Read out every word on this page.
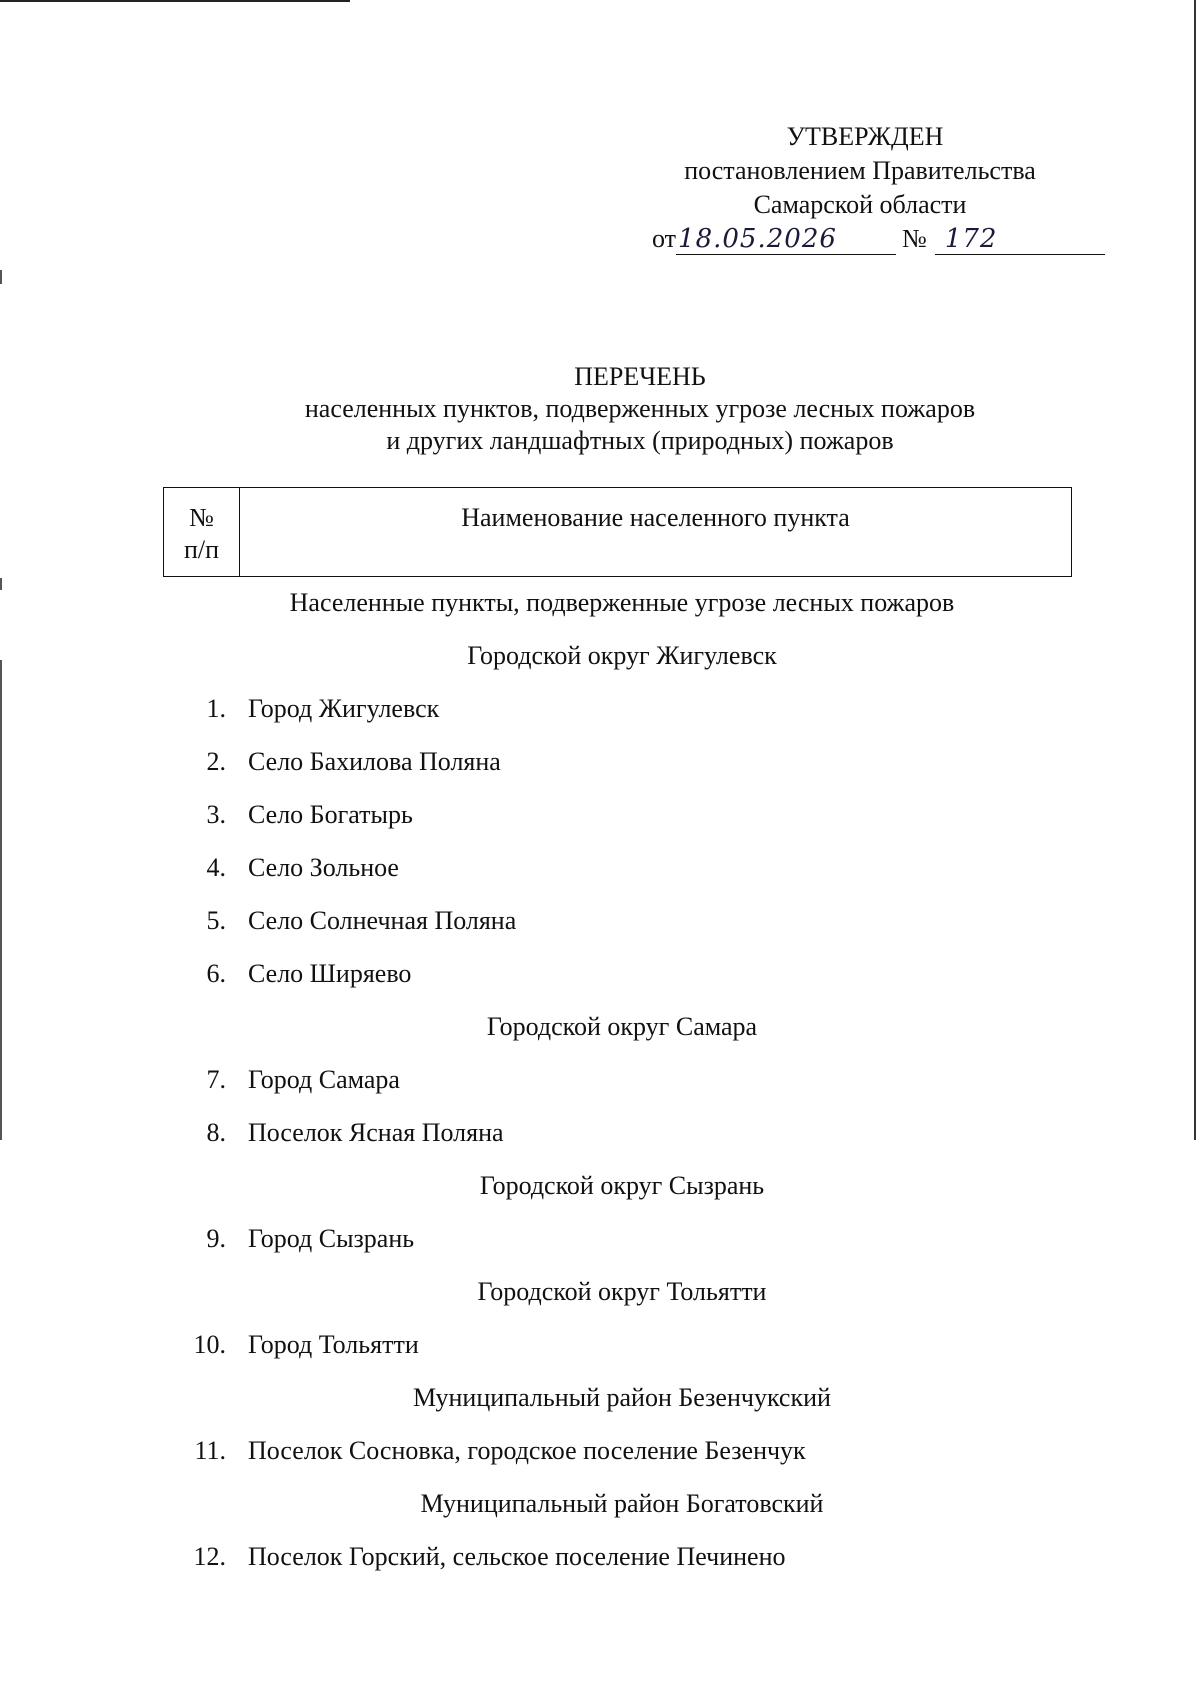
УТВЕРЖДЕН
постановлением Правительства
Самарской области
от18.05.2026	№ 172
ПЕРЕЧЕНЬ
населенных пунктов, подверженных угрозе лесных пожаров
и других ландшафтных (природных) пожаров
№
п/п
Наименование населенного пункта
Населенные пункты, подверженные угрозе лесных пожаров
Городской округ Жигулевск
1. Город Жигулевск
2. Село Бахилова Поляна
3. Село Богатырь
4. Село Зольное
5. Село Солнечная Поляна
6. Село Ширяево
Городской округ Самара
7. Город Самара
8. Поселок Ясная Поляна
Городской округ Сызрань
9. Город Сызрань
Городской округ Тольятти
10. Город Тольятти
Муниципальный район Безенчукский
11. Поселок Сосновка, городское поселение Безенчук
Муниципальный район Богатовский
12. Поселок Горский, сельское поселение Печинено
